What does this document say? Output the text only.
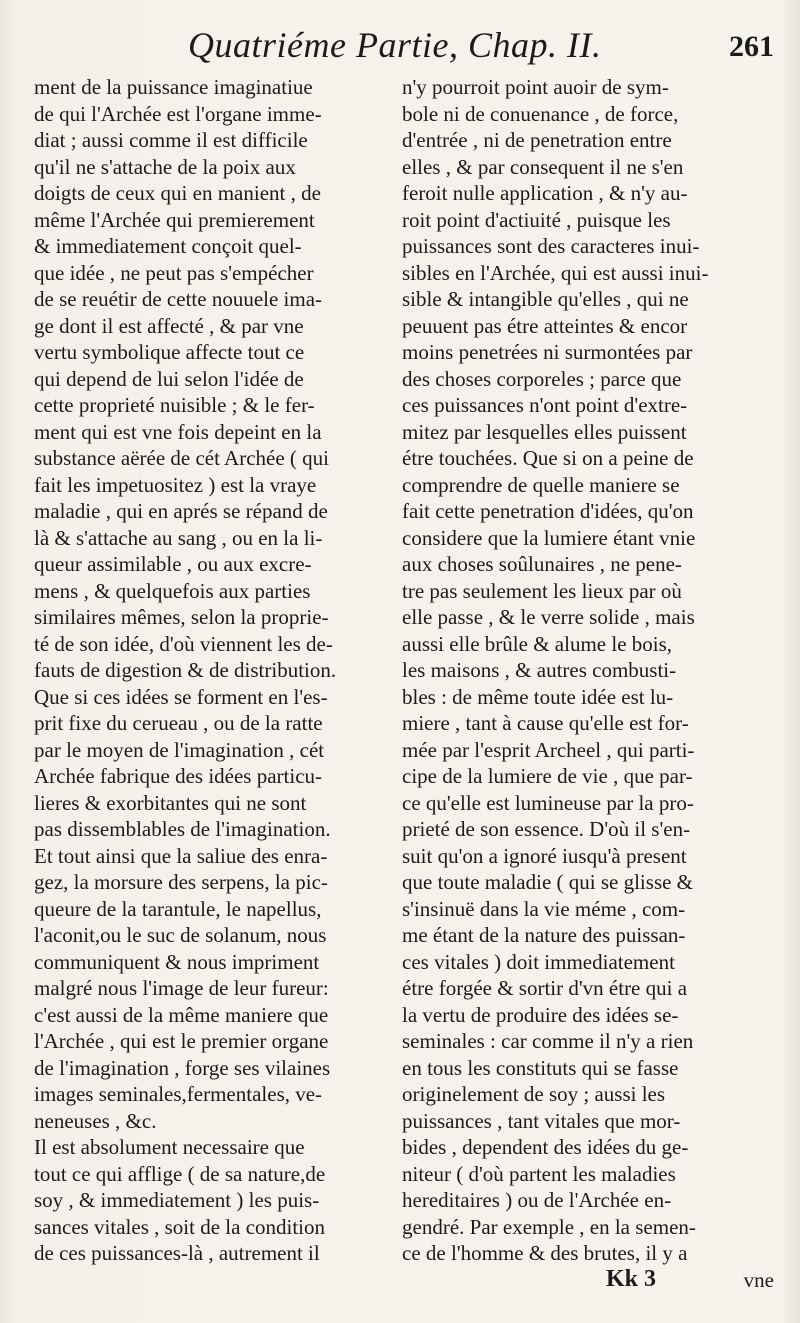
Quatriéme Partie, Chap. II.	261
ment de la puissance imaginatiue
de qui l'Archée est l'organe imme-
diat ; aussi comme il est difficile
qu'il ne s'attache de la poix aux
doigts de ceux qui en manient , de
même l'Archée qui premierement
& immediatement conçoit quel-
que idée , ne peut pas s'empécher
de se reuétir de cette nouuele ima-
ge dont il est affecté , & par vne
vertu symbolique affecte tout ce
qui depend de lui selon l'idée de
cette proprieté nuisible ; & le fer-
ment qui est vne fois depeint en la
substance aërée de cét Archée ( qui
fait les impetuositez ) est la vraye
maladie , qui en aprés se répand de
là & s'attache au sang , ou en la li-
queur assimilable , ou aux excre-
mens , & quelquefois aux parties
similaires mêmes, selon la proprie-
té de son idée, d'où viennent les de-
fauts de digestion & de distribution.
Que si ces idées se forment en l'es-
prit fixe du cerueau , ou de la ratte
par le moyen de l'imagination , cét
Archée fabrique des idées particu-
lieres & exorbitantes qui ne sont
pas dissemblables de l'imagination.
Et tout ainsi que la saliue des enra-
gez, la morsure des serpens, la pic-
queure de la tarantule, le napellus,
l'aconit,ou le suc de solanum, nous
communiquent & nous impriment
malgré nous l'image de leur fureur:
c'est aussi de la même maniere que
l'Archée , qui est le premier organe
de l'imagination , forge ses vilaines
images seminales,fermentales, ve-
neneuses , &c.
Il est absolument necessaire que
tout ce qui afflige ( de sa nature,de
soy , & immediatement ) les puis-
sances vitales , soit de la condition
de ces puissances-là , autrement il
n'y pourroit point auoir de sym-
bole ni de conuenance , de force,
d'entrée , ni de penetration entre
elles , & par consequent il ne s'en
feroit nulle application , & n'y au-
roit point d'actiuité , puisque les
puissances sont des caracteres inui-
sibles en l'Archée, qui est aussi inui-
sible & intangible qu'elles , qui ne
peuuent pas étre atteintes & encor
moins penetrées ni surmontées par
des choses corporeles ; parce que
ces puissances n'ont point d'extre-
mitez par lesquelles elles puissent
étre touchées. Que si on a peine de
comprendre de quelle maniere se
fait cette penetration d'idées, qu'on
considere que la lumiere étant vnie
aux choses soûlunaires , ne pene-
tre pas seulement les lieux par où
elle passe , & le verre solide , mais
aussi elle brûle & alume le bois,
les maisons , & autres combusti-
bles : de même toute idée est lu-
miere , tant à cause qu'elle est for-
mée par l'esprit Archeel , qui parti-
cipe de la lumiere de vie , que par-
ce qu'elle est lumineuse par la pro-
prieté de son essence. D'où il s'en-
suit qu'on a ignoré iusqu'à present
que toute maladie ( qui se glisse &
s'insinuë dans la vie méme , com-
me étant de la nature des puissan-
ces vitales ) doit immediatement
étre forgée & sortir d'vn étre qui a
la vertu de produire des idées se-
seminales : car comme il n'y a rien
en tous les constituts qui se fasse
originelement de soy ; aussi les
puissances , tant vitales que mor-
bides , dependent des idées du ge-
niteur ( d'où partent les maladies
hereditaires ) ou de l'Archée en-
gendré. Par exemple , en la semen-
ce de l'homme & des brutes, il y a
Kk 3	vne
